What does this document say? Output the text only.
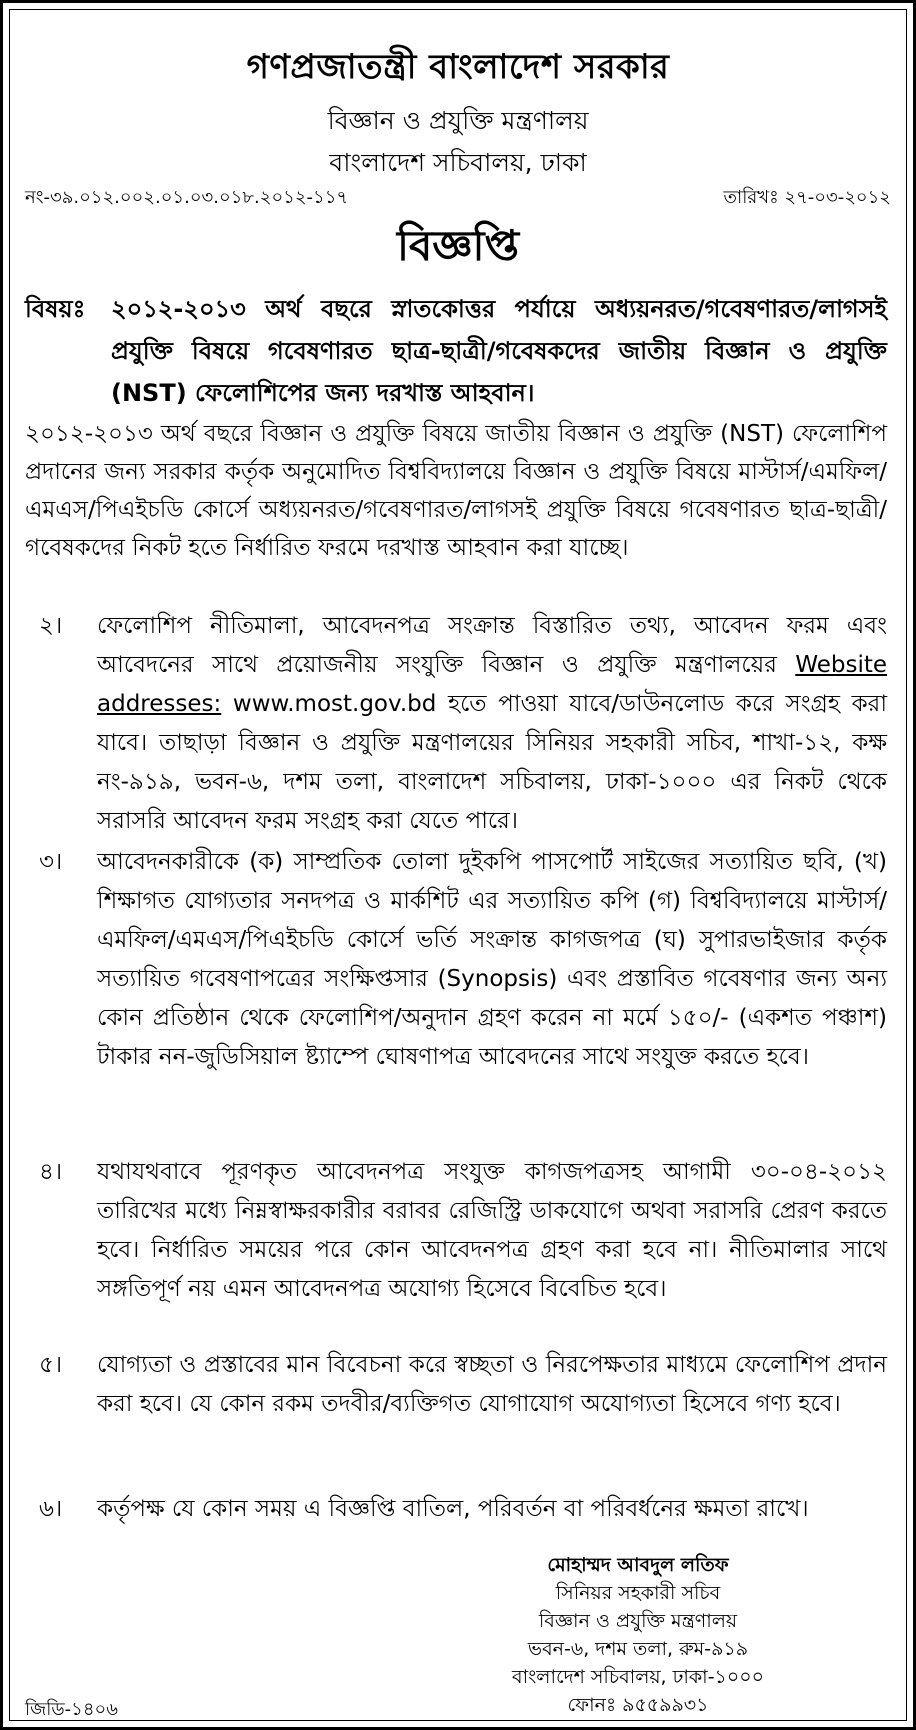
গণপ্রজাতন্ত্রী বাংলাদেশ সরকার
বিজ্ঞান ও প্রযুক্তি মন্ত্রণালয়
বাংলাদেশ সচিবালয়, ঢাকা
নং-৩৯.০১২.০০২.০১.০৩.০১৮.২০১২-১১৭	তারিখঃ ২৭-০৩-২০১২
বিজ্ঞপ্তি
বিষয়ঃ ২০১২-২০১৩ অর্থ বছরে স্নাতকোত্তর পর্যায়ে অধ্যয়নরত/গবেষণারত/লাগসই প্রযুক্তি বিষয়ে গবেষণারত ছাত্র-ছাত্রী/গবেষকদের জাতীয় বিজ্ঞান ও প্রযুক্তি (NST) ফেলোশিপের জন্য দরখাস্ত আহবান।
২০১২-২০১৩ অর্থ বছরে বিজ্ঞান ও প্রযুক্তি বিষয়ে জাতীয় বিজ্ঞান ও প্রযুক্তি (NST) ফেলোশিপ প্রদানের জন্য সরকার কর্তৃক অনুমোদিত বিশ্ববিদ্যালয়ে বিজ্ঞান ও প্রযুক্তি বিষয়ে মাস্টার্স/এমফিল/এমএস/পিএইচডি কোর্সে অধ্যয়নরত/গবেষণারত/লাগসই প্রযুক্তি বিষয়ে গবেষণারত ছাত্র-ছাত্রী/গবেষকদের নিকট হতে নির্ধারিত ফরমে দরখাস্ত আহবান করা যাচ্ছে।
২। ফেলোশিপ নীতিমালা, আবেদনপত্র সংক্রান্ত বিস্তারিত তথ্য, আবেদন ফরম এবং আবেদনের সাথে প্রয়োজনীয় সংযুক্তি বিজ্ঞান ও প্রযুক্তি মন্ত্রণালয়ের Website addresses: www.most.gov.bd হতে পাওয়া যাবে/ডাউনলোড করে সংগ্রহ করা যাবে। তাছাড়া বিজ্ঞান ও প্রযুক্তি মন্ত্রণালয়ের সিনিয়র সহকারী সচিব, শাখা-১২, কক্ষ নং-৯১৯, ভবন-৬, দশম তলা, বাংলাদেশ সচিবালয়, ঢাকা-১০০০ এর নিকট থেকে সরাসরি আবেদন ফরম সংগ্রহ করা যেতে পারে।
৩। আবেদনকারীকে (ক) সাম্প্রতিক তোলা দুইকপি পাসপোর্ট সাইজের সত্যায়িত ছবি, (খ) শিক্ষাগত যোগ্যতার সনদপত্র ও মার্কশিট এর সত্যায়িত কপি (গ) বিশ্ববিদ্যালয়ে মাস্টার্স/এমফিল/এমএস/পিএইচডি কোর্সে ভর্তি সংক্রান্ত কাগজপত্র (ঘ) সুপারভাইজার কর্তৃক সত্যায়িত গবেষণাপত্রের সংক্ষিপ্তসার (Synopsis) এবং প্রস্তাবিত গবেষণার জন্য অন্য কোন প্রতিষ্ঠান থেকে ফেলোশিপ/অনুদান গ্রহণ করেন না মর্মে ১৫০/- (একশত পঞ্চাশ) টাকার নন-জুডিসিয়াল ষ্ট্যাম্পে ঘোষণাপত্র আবেদনের সাথে সংযুক্ত করতে হবে।
৪। যথাযথবাবে পূরণকৃত আবেদনপত্র সংযুক্ত কাগজপত্রসহ আগামী ৩০-০৪-২০১২ তারিখের মধ্যে নিম্নস্বাক্ষরকারীর বরাবর রেজিস্ট্রি ডাকযোগে অথবা সরাসরি প্রেরণ করতে হবে। নির্ধারিত সময়ের পরে কোন আবেদনপত্র গ্রহণ করা হবে না। নীতিমালার সাথে সঙ্গতিপূর্ণ নয় এমন আবেদনপত্র অযোগ্য হিসেবে বিবেচিত হবে।
৫। যোগ্যতা ও প্রস্তাবের মান বিবেচনা করে স্বচ্ছতা ও নিরপেক্ষতার মাধ্যমে ফেলোশিপ প্রদান করা হবে। যে কোন রকম তদবীর/ব্যক্তিগত যোগাযোগ অযোগ্যতা হিসেবে গণ্য হবে।
৬। কর্তৃপক্ষ যে কোন সময় এ বিজ্ঞপ্তি বাতিল, পরিবর্তন বা পরিবর্ধনের ক্ষমতা রাখে।
মোহাম্মদ আবদুল লতিফ
সিনিয়র সহকারী সচিব
বিজ্ঞান ও প্রযুক্তি মন্ত্রণালয়
ভবন-৬, দশম তলা, রুম-৯১৯
বাংলাদেশ সচিবালয়, ঢাকা-১০০০
ফোনঃ ৯৫৫৯৯৩১
জিডি-১৪০৬
